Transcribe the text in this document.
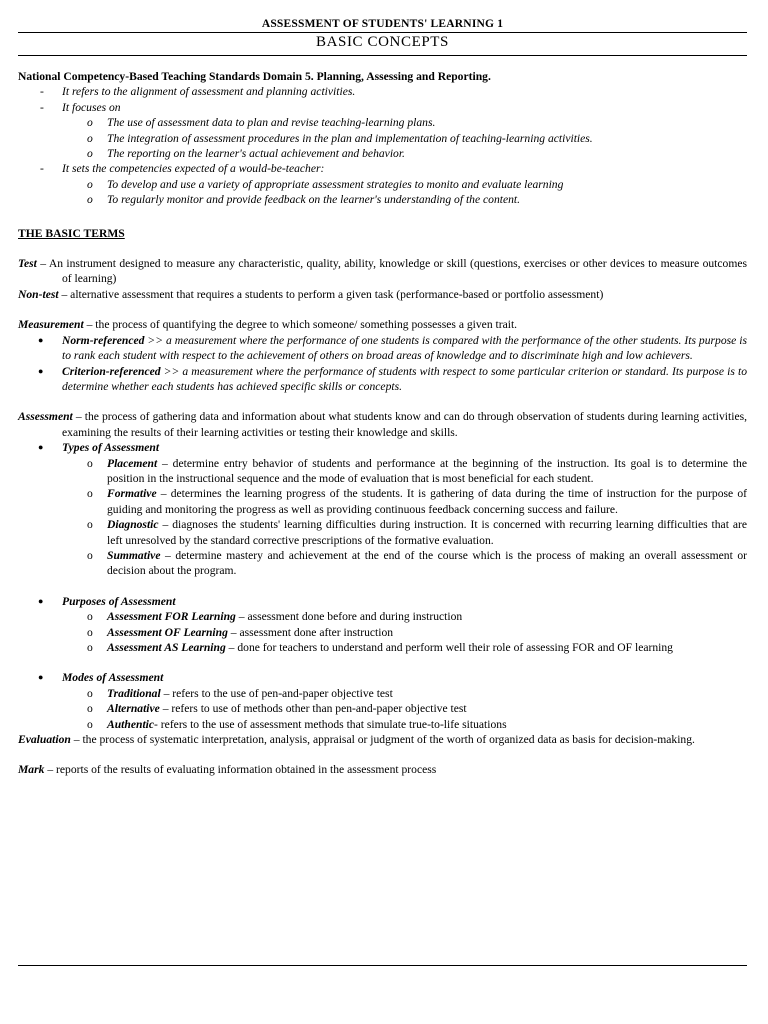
ASSESSMENT OF STUDENTS' LEARNING 1
BASIC CONCEPTS

National Competency-Based Teaching Standards Domain 5. Planning, Assessing and Reporting.

- It refers to the alignment of assessment and planning activities.
- It focuses on
o The use of assessment data to plan and revise teaching-learning plans.
o The integration of assessment procedures in the plan and implementation of teaching-learning activities.
o The reporting on the learner's actual achievement and behavior.
- It sets the competencies expected of a would-be-teacher:
o To develop and use a variety of appropriate assessment strategies to monito and evaluate learning
o To regularly monitor and provide feedback on the learner's understanding of the content.

THE BASIC TERMS

Test – An instrument designed to measure any characteristic, quality, ability, knowledge or skill (questions, exercises or other devices to measure outcomes of learning)

Non-test – alternative assessment that requires a students to perform a given task (performance-based or portfolio assessment)

Measurement – the process of quantifying the degree to which someone/ something possesses a given trait.

● Norm-referenced >> a measurement where the performance of one students is compared with the performance of the other students. Its purpose is to rank each student with respect to the achievement of others on broad areas of knowledge and to discriminate high and low achievers.
● Criterion-referenced >> a measurement where the performance of students with respect to some particular criterion or standard. Its purpose is to determine whether each students has achieved specific skills or concepts.

Assessment – the process of gathering data and information about what students know and can do through observation of students during learning activities, examining the results of their learning activities or testing their knowledge and skills.

● Types of Assessment
o Placement – determine entry behavior of students and performance at the beginning of the instruction. Its goal is to determine the position in the instructional sequence and the mode of evaluation that is most beneficial for each student.
o Formative – determines the learning progress of the students. It is gathering of data during the time of instruction for the purpose of guiding and monitoring the progress as well as providing continuous feedback concerning success and failure.
o Diagnostic – diagnoses the students' learning difficulties during instruction. It is concerned with recurring learning difficulties that are left unresolved by the standard corrective prescriptions of the formative evaluation.
o Summative – determine mastery and achievement at the end of the course which is the process of making an overall assessment or decision about the program.
● Purposes of Assessment
o Assessment FOR Learning – assessment done before and during instruction
o Assessment OF Learning – assessment done after instruction
o Assessment AS Learning – done for teachers to understand and perform well their role of assessing FOR and OF learning
● Modes of Assessment
o Traditional – refers to the use of pen-and-paper objective test
o Alternative – refers to use of methods other than pen-and-paper objective test
o Authentic- refers to the use of assessment methods that simulate true-to-life situations

Evaluation – the process of systematic interpretation, analysis, appraisal or judgment of the worth of organized data as basis for decision-making.

Mark – reports of the results of evaluating information obtained in the assessment process
